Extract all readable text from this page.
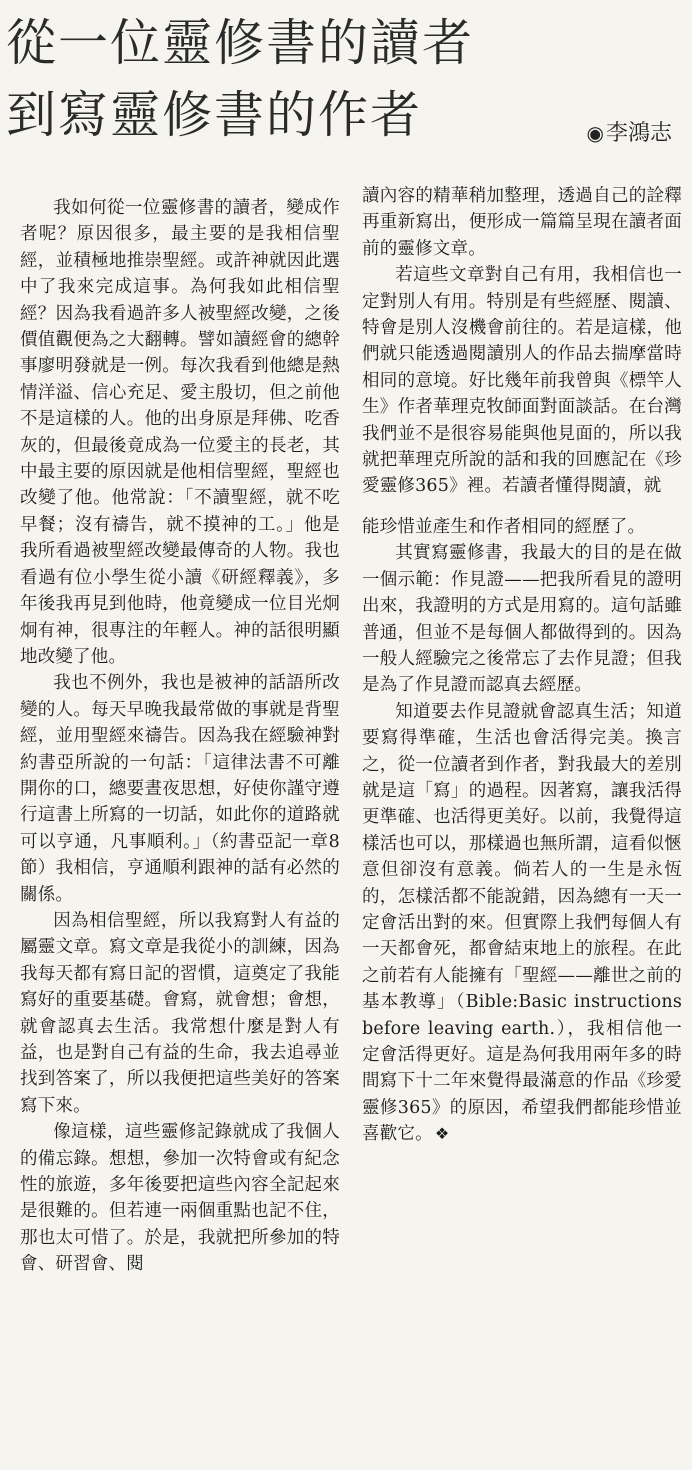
從一位靈修書的讀者
到寫靈修書的作者	◉李鴻志

我如何從一位靈修書的讀者，變成作者呢？原因很多，最主要的是我相信聖經，並積極地推崇聖經。或許神就因此選中了我來完成這事。為何我如此相信聖經？因為我看過許多人被聖經改變，之後價值觀便為之大翻轉。譬如讀經會的總幹事廖明發就是一例。每次我看到他總是熱情洋溢、信心充足、愛主殷切，但之前他不是這樣的人。他的出身原是拜佛、吃香灰的，但最後竟成為一位愛主的長老，其中最主要的原因就是他相信聖經，聖經也改變了他。他常說：「不讀聖經，就不吃早餐；沒有禱告，就不摸神的工。」他是我所看過被聖經改變最傳奇的人物。我也看過有位小學生從小讀《研經釋義》，多年後我再見到他時，他竟變成一位目光炯炯有神，很專注的年輕人。神的話很明顯地改變了他。

我也不例外，我也是被神的話語所改變的人。每天早晚我最常做的事就是背聖經，並用聖經來禱告。因為我在經驗神對約書亞所說的一句話：「這律法書不可離開你的口，總要晝夜思想，好使你謹守遵行這書上所寫的一切話，如此你的道路就可以亨通，凡事順利。」（約書亞記一章8節）我相信，亨通順利跟神的話有必然的關係。

因為相信聖經，所以我寫對人有益的屬靈文章。寫文章是我從小的訓練，因為我每天都有寫日記的習慣，這奠定了我能寫好的重要基礎。會寫，就會想；會想，就會認真去生活。我常想什麼是對人有益，也是對自己有益的生命，我去追尋並找到答案了，所以我便把這些美好的答案寫下來。

像這樣，這些靈修記錄就成了我個人的備忘錄。想想，參加一次特會或有紀念性的旅遊，多年後要把這些內容全記起來是很難的。但若連一兩個重點也記不住，那也太可惜了。於是，我就把所參加的特會、研習會、閱

讀內容的精華稍加整理，透過自己的詮釋再重新寫出，便形成一篇篇呈現在讀者面前的靈修文章。

若這些文章對自己有用，我相信也一定對別人有用。特別是有些經歷、閱讀、特會是別人沒機會前往的。若是這樣，他們就只能透過閱讀別人的作品去揣摩當時相同的意境。好比幾年前我曾與《標竿人生》作者華理克牧師面對面談話。在台灣我們並不是很容易能與他見面的，所以我就把華理克所說的話和我的回應記在《珍愛靈修365》裡。若讀者懂得閱讀，就

能珍惜並產生和作者相同的經歷了。

其實寫靈修書，我最大的目的是在做一個示範：作見證——把我所看見的證明出來，我證明的方式是用寫的。這句話雖普通，但並不是每個人都做得到的。因為一般人經驗完之後常忘了去作見證；但我是為了作見證而認真去經歷。

知道要去作見證就會認真生活；知道要寫得準確，生活也會活得完美。換言之，從一位讀者到作者，對我最大的差別就是這「寫」的過程。因著寫，讓我活得更準確、也活得更美好。以前，我覺得這樣活也可以，那樣過也無所謂，這看似愜意但卻沒有意義。倘若人的一生是永恆的，怎樣活都不能說錯，因為總有一天一定會活出對的來。但實際上我們每個人有一天都會死，都會結束地上的旅程。在此之前若有人能擁有「聖經——離世之前的基本教導」（Bible:Basic instructions before leaving earth.），我相信他一定會活得更好。這是為何我用兩年多的時間寫下十二年來覺得最滿意的作品《珍愛靈修365》的原因，希望我們都能珍惜並喜歡它。 ❖
